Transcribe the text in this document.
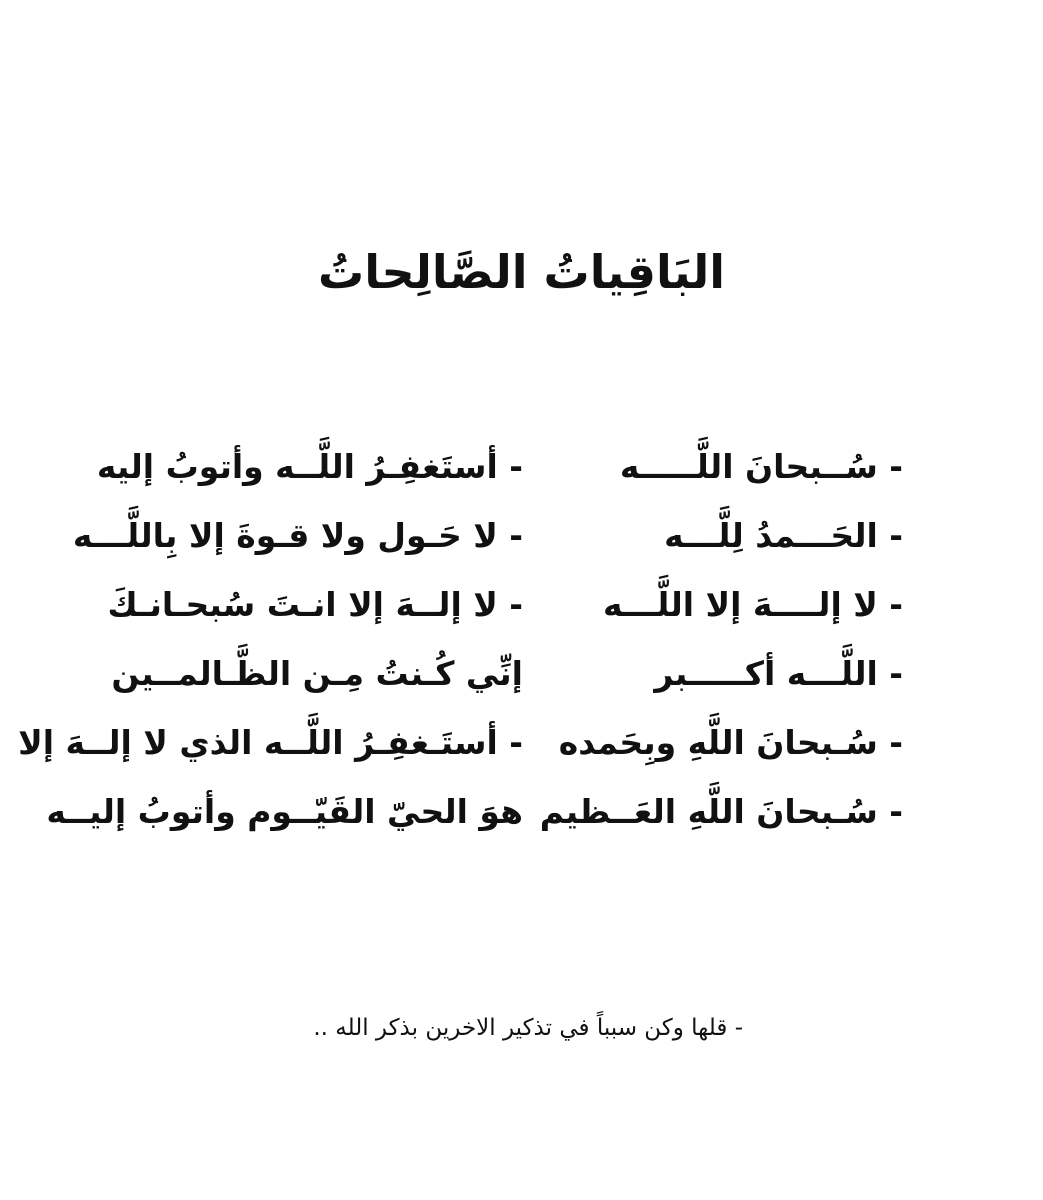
البَاقِياتُ الصَّالِحاتُ
- سُــبحانَ اللَّـــــه
- الحَـــمدُ لِلَّـــه
- لا إلــــهَ إلا اللَّـــه
- اللَّـــه أكـــــبر
- سُـبحانَ اللَّهِ وبِحَمده
- سُـبحانَ اللَّهِ العَــظيم
- أستَغفِـرُ اللَّــه وأتوبُ إليه
- لا حَـول ولا قـوةَ إلا بِاللَّـــه
- لا إلــهَ إلا انـتَ سُبحـانـكَ
إنِّي كُـنتُ مِـن الظَّـالمــين
- أستَـغفِـرُ اللَّــه الذي لا إلــهَ إلا
هوَ الحيّ القَيّــوم وأتوبُ إليــه
- قلها وكن سبباً في تذكير الاخرين بذكر الله ..
